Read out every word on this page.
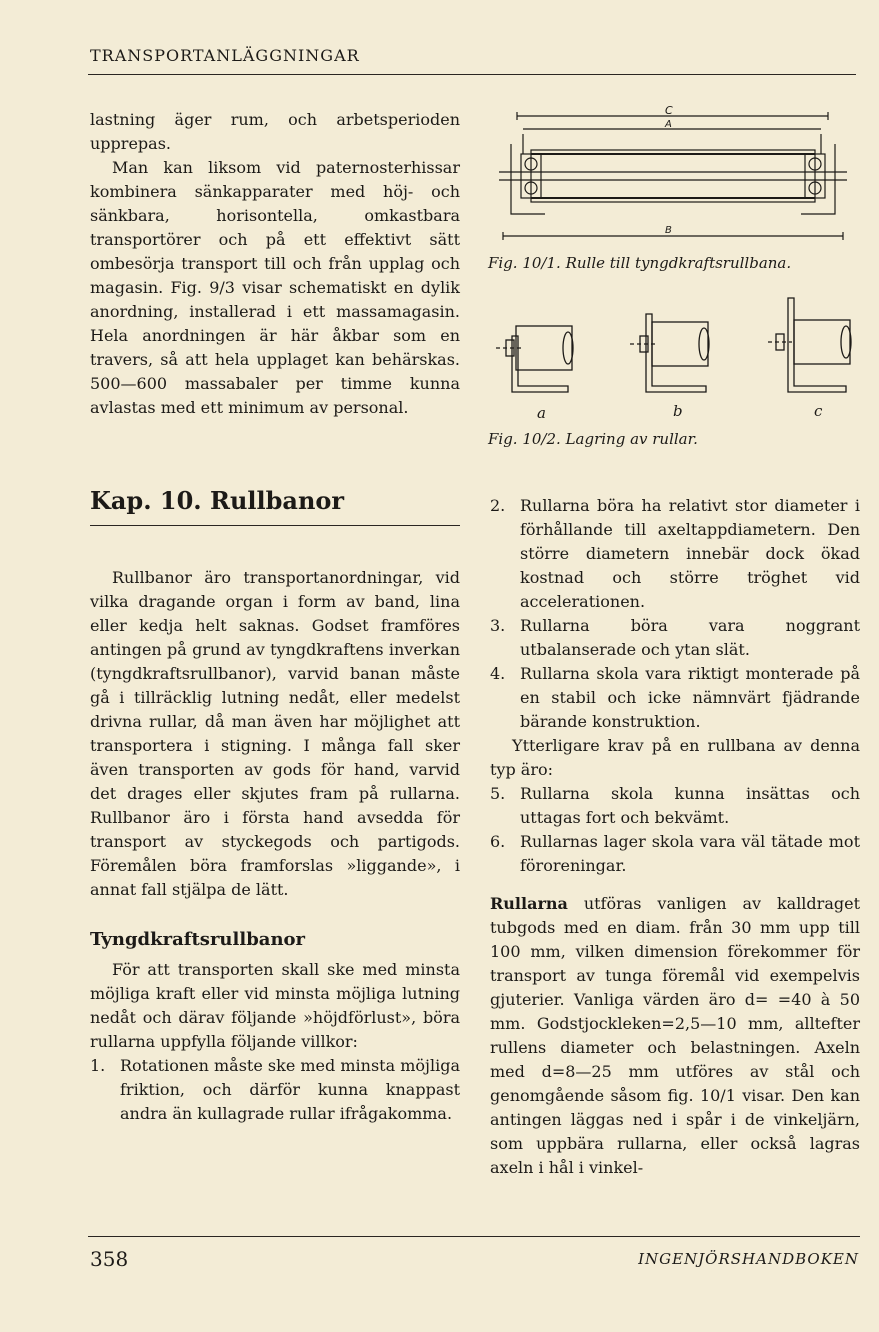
TRANSPORTANLÄGGNINGAR

lastning äger rum, och arbetsperioden upprepas.

Man kan liksom vid paternosterhissar kombinera sänkapparater med höj- och sänkbara, horisontella, omkastbara transportörer och på ett effektivt sätt ombesörja transport till och från upplag och magasin. Fig. 9/3 visar schematiskt en dylik anordning, installerad i ett massamagasin. Hela anordningen är här åkbar som en travers, så att hela upplaget kan behärskas. 500—600 massabaler per timme kunna avlastas med ett minimum av personal.

C
A
B
Fig. 10/1. Rulle till tyngdkraftsrullbana.
a	b	c
Fig. 10/2. Lagring av rullar.
Kap. 10. Rullbanor

Rullbanor äro transportanordningar, vid vilka dragande organ i form av band, lina eller kedja helt saknas. Godset framföres antingen på grund av tyngdkraftens inverkan (tyngdkraftsrullbanor), varvid banan måste gå i tillräcklig lutning nedåt, eller medelst drivna rullar, då man även har möjlighet att transportera i stigning. I många fall sker även transporten av gods för hand, varvid det drages eller skjutes fram på rullarna. Rullbanor äro i första hand avsedda för transport av styckegods och partigods. Föremålen böra framforslas »liggande», i annat fall stjälpa de lätt.

Tyngdkraftsrullbanor

För att transporten skall ske med minsta möjliga kraft eller vid minsta möjliga lutning nedåt och därav följande »höjdförlust», böra rullarna uppfylla följande villkor:

1. Rotationen måste ske med minsta möjliga friktion, och därför kunna knappast andra än kullagrade rullar ifrågakomma.
2. Rullarna böra ha relativt stor diameter i förhållande till axeltappdiametern. Den större diametern innebär dock ökad kostnad och större tröghet vid accelerationen.
3. Rullarna böra vara noggrant utbalanserade och ytan slät.
4. Rullarna skola vara riktigt monterade på en stabil och icke nämnvärt fjädrande bärande konstruktion.

Ytterligare krav på en rullbana av denna typ äro:

5. Rullarna skola kunna insättas och uttagas fort och bekvämt.
6. Rullarnas lager skola vara väl tätade mot föroreningar.

Rullarna utföras vanligen av kalldraget tubgods med en diam. från 30 mm upp till 100 mm, vilken dimension förekommer för transport av tunga föremål vid exempelvis gjuterier. Vanliga värden äro d= =40 à 50 mm. Godstjockleken=2,5—10 mm, alltefter rullens diameter och belastningen. Axeln med d=8—25 mm utföres av stål och genomgående såsom fig. 10/1 visar. Den kan antingen läggas ned i spår i de vinkeljärn, som uppbära rullarna, eller också lagras axeln i hål i vinkel-

358	INGENJÖRSHANDBOKEN
